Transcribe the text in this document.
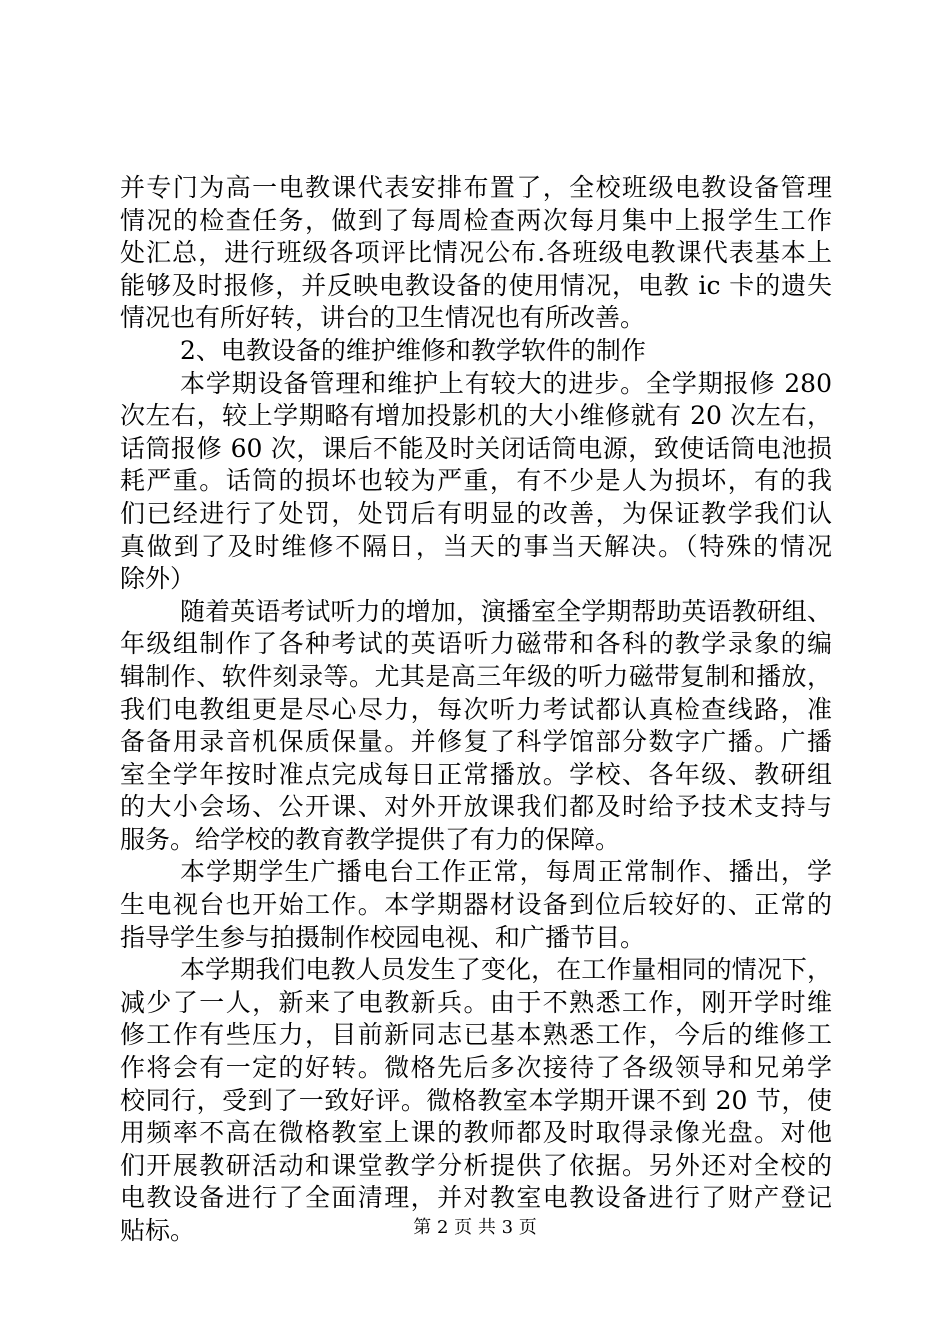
并专门为高一电教课代表安排布置了，全校班级电教设备管理
情况的检查任务，做到了每周检查两次每月集中上报学生工作
处汇总，进行班级各项评比情况公布.各班级电教课代表基本上
能够及时报修，并反映电教设备的使用情况，电教 ic 卡的遗失
情况也有所好转，讲台的卫生情况也有所改善。
2、电教设备的维护维修和教学软件的制作
本学期设备管理和维护上有较大的进步。全学期报修 280
次左右，较上学期略有增加投影机的大小维修就有 20 次左右，
话筒报修 60 次，课后不能及时关闭话筒电源，致使话筒电池损
耗严重。话筒的损坏也较为严重，有不少是人为损坏，有的我
们已经进行了处罚，处罚后有明显的改善，为保证教学我们认
真做到了及时维修不隔日，当天的事当天解决。（特殊的情况
除外）
随着英语考试听力的增加，演播室全学期帮助英语教研组、
年级组制作了各种考试的英语听力磁带和各科的教学录象的编
辑制作、软件刻录等。尤其是高三年级的听力磁带复制和播放，
我们电教组更是尽心尽力，每次听力考试都认真检查线路，准
备备用录音机保质保量。并修复了科学馆部分数字广播。广播
室全学年按时准点完成每日正常播放。学校、各年级、教研组
的大小会场、公开课、对外开放课我们都及时给予技术支持与
服务。给学校的教育教学提供了有力的保障。
本学期学生广播电台工作正常，每周正常制作、播出，学
生电视台也开始工作。本学期器材设备到位后较好的、正常的
指导学生参与拍摄制作校园电视、和广播节目。
本学期我们电教人员发生了变化，在工作量相同的情况下，
减少了一人，新来了电教新兵。由于不熟悉工作，刚开学时维
修工作有些压力，目前新同志已基本熟悉工作，今后的维修工
作将会有一定的好转。微格先后多次接待了各级领导和兄弟学
校同行，受到了一致好评。微格教室本学期开课不到 20 节，使
用频率不高在微格教室上课的教师都及时取得录像光盘。对他
们开展教研活动和课堂教学分析提供了依据。另外还对全校的
电教设备进行了全面清理，并对教室电教设备进行了财产登记
贴标。	第 2 页 共 3 页
